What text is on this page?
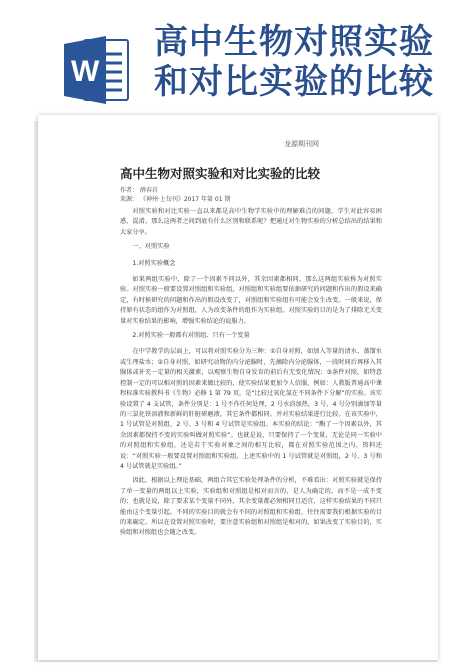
W
高中生物对照实验
和对比实验的比较
龙源期刊网
高中生物对照实验和对比实验的比较
作者： 薛春岩
来源： 《神州·上旬刊》2017 年第 01 期

对照实验和对比实验一直以来都是高中生物学实验中的理解难点的问题，学生对此容易困惑、混淆。那么这两者之间到底有什么区别和联系呢？把通过对生物实验的分析总结出的结果和大家分享。

一、对照实验

1.对照实验概念

如果两组实验中，除了一个因素不同以外，其余因素都相同，那么这两组实验称为对照实验。对照实验一般要设置对照组和实验组，对照组和实验组要依据研究的问题和作出的假设来确定，有时候研究的问题和作出的假设改变了，对照组和实验组有可能会发生改变。一般来说，保持原有状态的组作为对照组，人为改变条件的组作为实验组。对照实验的目的是为了排除无关变量对实验结果的影响，增强实验结论的说服力。

2.对照实验一般都有对照组、只有一个变量

在中学教学的层面上，可以将对照实验分为三种：①自身对照，如加入等量的清水、蒸馏水或生理盐水；②自身对照，如研究动物的内分泌腺时，先摘除内分泌腺体，一段时间后再移入其腺体或补充一定量的相关激素，以观察生物自身发育的前后有无变化情况；③条件对照，如特意控制一定的可以相对照的因素来做比较的，使实验结果更加令人信服，例如：人教版普通高中课程标准实验教科书《生物》必修 1 第 79 页，是“比较过氧化氢在不同条件下分解”的实验。该实验设置了 4 支试管，条件分别是：1 号不作任何处理，2 号水浴加热，3 号，4 号分别滴加等量的三氯化铁溶液和新鲜的肝脏研磨液。其它条件都相同。并对实验结果进行比较。在该实验中，1 号试管是对照组，2 号、3 号和 4 号试管是实验组。本实验的结论：“酶了一个因素以外，其余因素都保持不变的实验叫做对照实验”。也就是说，只要保持了一个变量，无论是同一实验中的对照组和实验组，还是若干实验对象之间的相互比较，都在对照实验范围之内。资料还说：“对照实验一般要设置对照组和实验组，上述实验中的 1 号试管就是对照组，2 号、3 号和 4 号试管就是实验组。”

因此，根据以上理论基础，两组合其它实验处理条件的分析，不难看出：对照实验就是保持了单一变量的两组以上实验，实验组和对照组是相对而言的，是人为确定的，而不是一成不变的；也就是说，除了要求某个变量不同外，其余变量都必须相同且适宜，这样实验结果的不同只能由这个变量引起。不同的实验目的就会有不同的对照组和实验组，往往需要我们根据实验的目的来确定。所以在设置对照实验时，要注意实验组和对照组是相对的，如果改变了实验目的，实验组和对照组也会随之改变。
